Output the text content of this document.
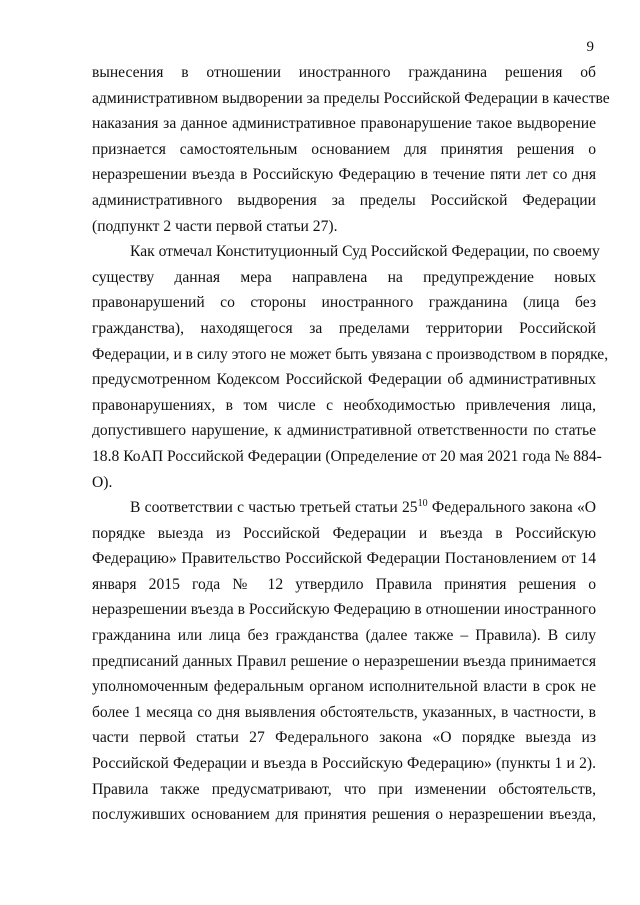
9

вынесения в отношении иностранного гражданина решения об
административном выдворении за пределы Российской Федерации в качестве
наказания за данное административное правонарушение такое выдворение
признается самостоятельным основанием для принятия решения о
неразрешении въезда в Российскую Федерацию в течение пяти лет со дня
административного выдворения за пределы Российской Федерации
(подпункт 2 части первой статьи 27).

Как отмечал Конституционный Суд Российской Федерации, по своему
существу данная мера направлена на предупреждение новых
правонарушений со стороны иностранного гражданина (лица без
гражданства), находящегося за пределами территории Российской
Федерации, и в силу этого не может быть увязана с производством в порядке,
предусмотренном Кодексом Российской Федерации об административных
правонарушениях, в том числе с необходимостью привлечения лица,
допустившего нарушение, к административной ответственности по статье
18.8 КоАП Российской Федерации (Определение от 20 мая 2021 года № 884-
О).

В соответствии с частью третьей статьи $25^{10}$ Федерального закона «О
порядке выезда из Российской Федерации и въезда в Российскую
Федерацию» Правительство Российской Федерации Постановлением от 14
января 2015 года № 12 утвердило Правила принятия решения о
неразрешении въезда в Российскую Федерацию в отношении иностранного
гражданина или лица без гражданства (далее также – Правила). В силу
предписаний данных Правил решение о неразрешении въезда принимается
уполномоченным федеральным органом исполнительной власти в срок не
более 1 месяца со дня выявления обстоятельств, указанных, в частности, в
части первой статьи 27 Федерального закона «О порядке выезда из
Российской Федерации и въезда в Российскую Федерацию» (пункты 1 и 2).
Правила также предусматривают, что при изменении обстоятельств,
послуживших основанием для принятия решения о неразрешении въезда,
